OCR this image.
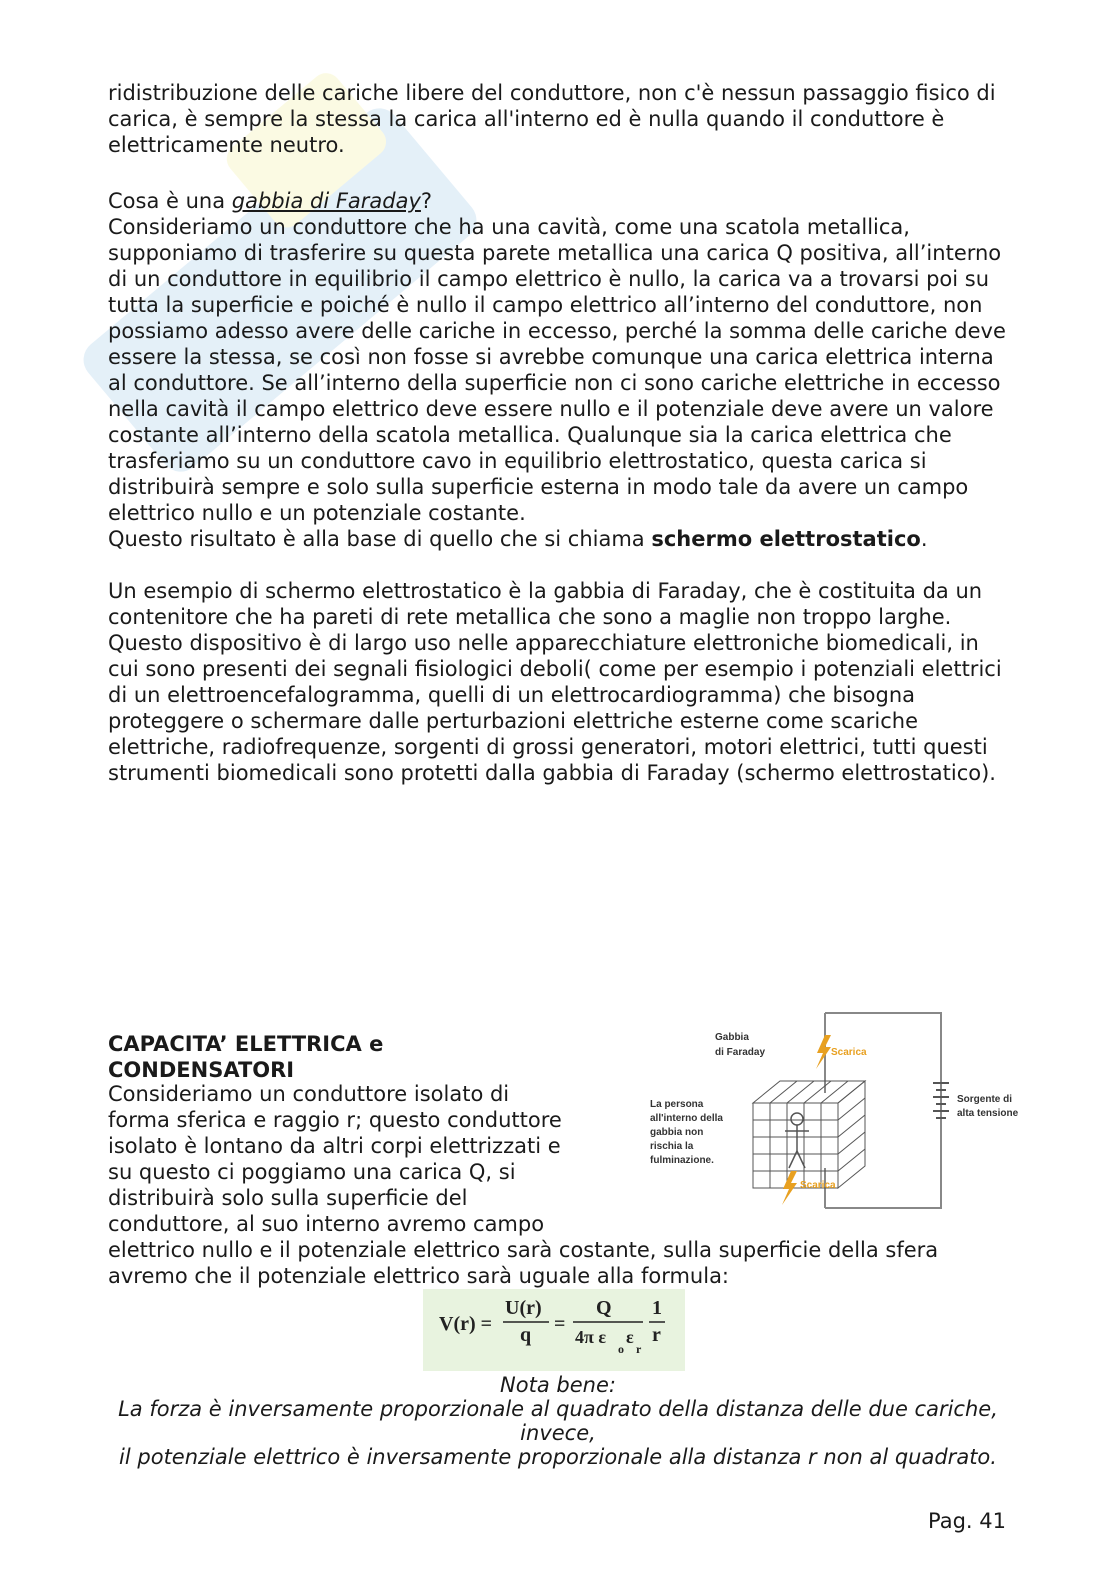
ridistribuzione delle cariche libere del conduttore, non c'è nessun passaggio fisico di carica, è sempre la stessa la carica all'interno ed è nulla quando il conduttore è elettricamente neutro.

Cosa è una gabbia di Faraday?

Consideriamo un conduttore che ha una cavità, come una scatola metallica, supponiamo di trasferire su questa parete metallica una carica Q positiva, all’interno di un conduttore in equilibrio il campo elettrico è nullo, la carica va a trovarsi poi su tutta la superficie e poiché è nullo il campo elettrico all’interno del conduttore, non possiamo adesso avere delle cariche in eccesso, perché la somma delle cariche deve essere la stessa, se così non fosse si avrebbe comunque una carica elettrica interna al conduttore. Se all’interno della superficie non ci sono cariche elettriche in eccesso nella cavità il campo elettrico deve essere nullo e il potenziale deve avere un valore costante all’interno della scatola metallica. Qualunque sia la carica elettrica che trasferiamo su un conduttore cavo in equilibrio elettrostatico, questa carica si distribuirà sempre e solo sulla superficie esterna in modo tale da avere un campo elettrico nullo e un potenziale costante.

Questo risultato è alla base di quello che si chiama schermo elettrostatico.

Un esempio di schermo elettrostatico è la gabbia di Faraday, che è costituita da un contenitore che ha pareti di rete metallica che sono a maglie non troppo larghe. Questo dispositivo è di largo uso nelle apparecchiature elettroniche biomedicali, in cui sono presenti dei segnali fisiologici deboli( come per esempio i potenziali elettrici di un elettroencefalogramma, quelli di un elettrocardiogramma) che bisogna proteggere o schermare dalle perturbazioni elettriche esterne come scariche elettriche, radiofrequenze, sorgenti di grossi generatori, motori elettrici, tutti questi strumenti biomedicali sono protetti dalla gabbia di Faraday (schermo elettrostatico).

CAPACITA’ ELETTRICA e
CONDENSATORI
Consideriamo un conduttore isolato di
forma sferica e raggio r; questo conduttore
isolato è lontano da altri corpi elettrizzati e
su questo ci poggiamo una carica Q, si
distribuirà solo sulla superficie del
conduttore, al suo interno avremo campo
elettrico nullo e il potenziale elettrico sarà costante, sulla superficie della sfera avremo che il potenziale elettrico sarà uguale alla formula:
Gabbia
di Faraday	Scarica
La persona
all'interno della
gabbia non
rischia la
fulminazione.
Sorgente di
alta tensione
Scarica
V(r) =
U(r)
q =
Q
4π ε
o
ε
r
1
r
Nota bene:
La forza è inversamente proporzionale al quadrato della distanza delle due cariche,
invece,
il potenziale elettrico è inversamente proporzionale alla distanza r non al quadrato.
Pag. 41
